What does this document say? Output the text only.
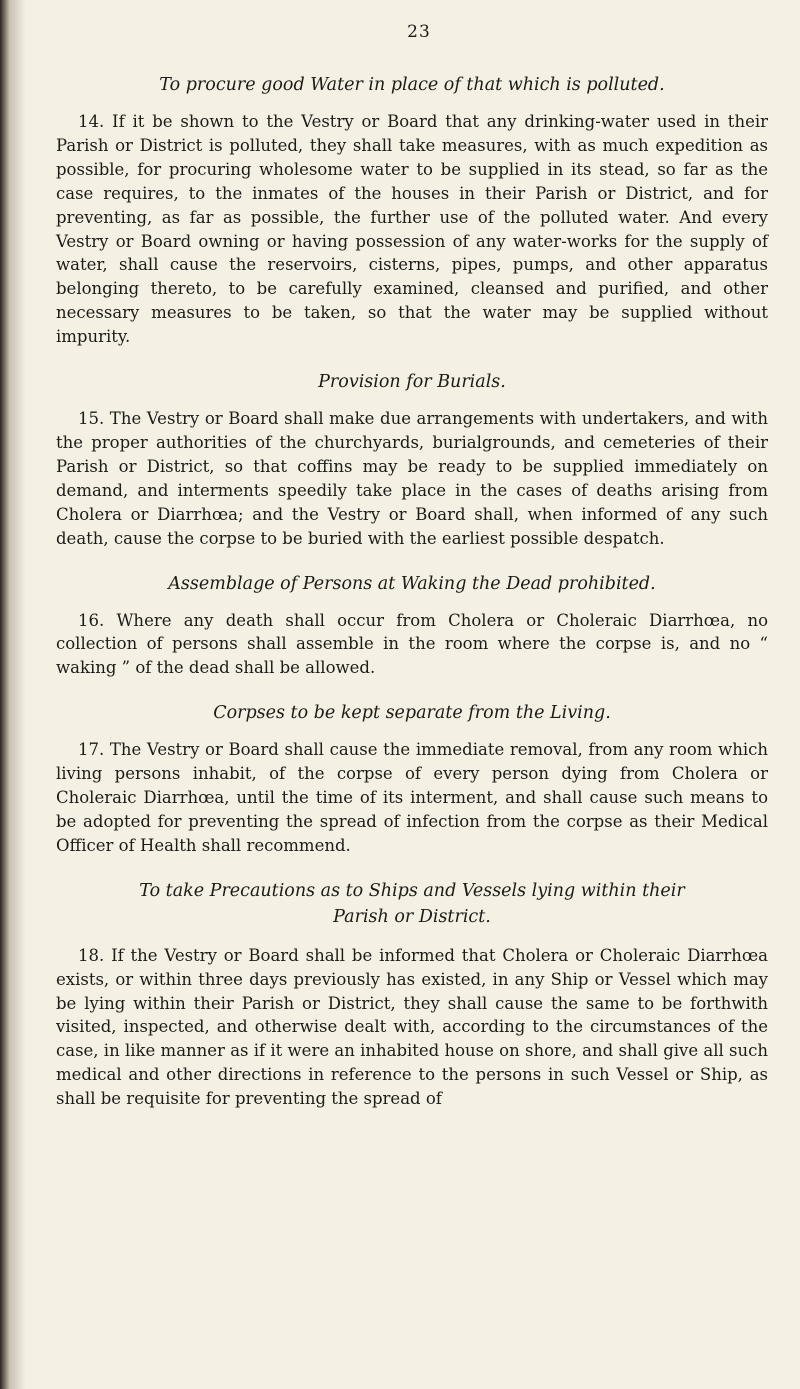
23
To procure good Water in place of that which is polluted.

14. If it be shown to the Vestry or Board that any drinking-water used in their Parish or District is polluted, they shall take measures, with as much expedition as possible, for procuring wholesome water to be supplied in its stead, so far as the case requires, to the inmates of the houses in their Parish or District, and for preventing, as far as possible, the further use of the polluted water. And every Vestry or Board owning or having possession of any water-works for the supply of water, shall cause the reservoirs, cisterns, pipes, pumps, and other apparatus belonging thereto, to be carefully examined, cleansed and purified, and other necessary measures to be taken, so that the water may be supplied without impurity.

Provision for Burials.

15. The Vestry or Board shall make due arrangements with undertakers, and with the proper authorities of the churchyards, burialgrounds, and cemeteries of their Parish or District, so that coffins may be ready to be supplied immediately on demand, and interments speedily take place in the cases of deaths arising from Cholera or Diarrhœa; and the Vestry or Board shall, when informed of any such death, cause the corpse to be buried with the earliest possible despatch.

Assemblage of Persons at Waking the Dead prohibited.

16. Where any death shall occur from Cholera or Choleraic Diarrhœa, no collection of persons shall assemble in the room where the corpse is, and no “ waking ” of the dead shall be allowed.

Corpses to be kept separate from the Living.

17. The Vestry or Board shall cause the immediate removal, from any room which living persons inhabit, of the corpse of every person dying from Cholera or Choleraic Diarrhœa, until the time of its interment, and shall cause such means to be adopted for preventing the spread of infection from the corpse as their Medical Officer of Health shall recommend.

To take Precautions as to Ships and Vessels lying within their
Parish or District.

18. If the Vestry or Board shall be informed that Cholera or Choleraic Diarrhœa exists, or within three days previously has existed, in any Ship or Vessel which may be lying within their Parish or District, they shall cause the same to be forthwith visited, inspected, and otherwise dealt with, according to the circumstances of the case, in like manner as if it were an inhabited house on shore, and shall give all such medical and other directions in reference to the persons in such Vessel or Ship, as shall be requisite for preventing the spread of
